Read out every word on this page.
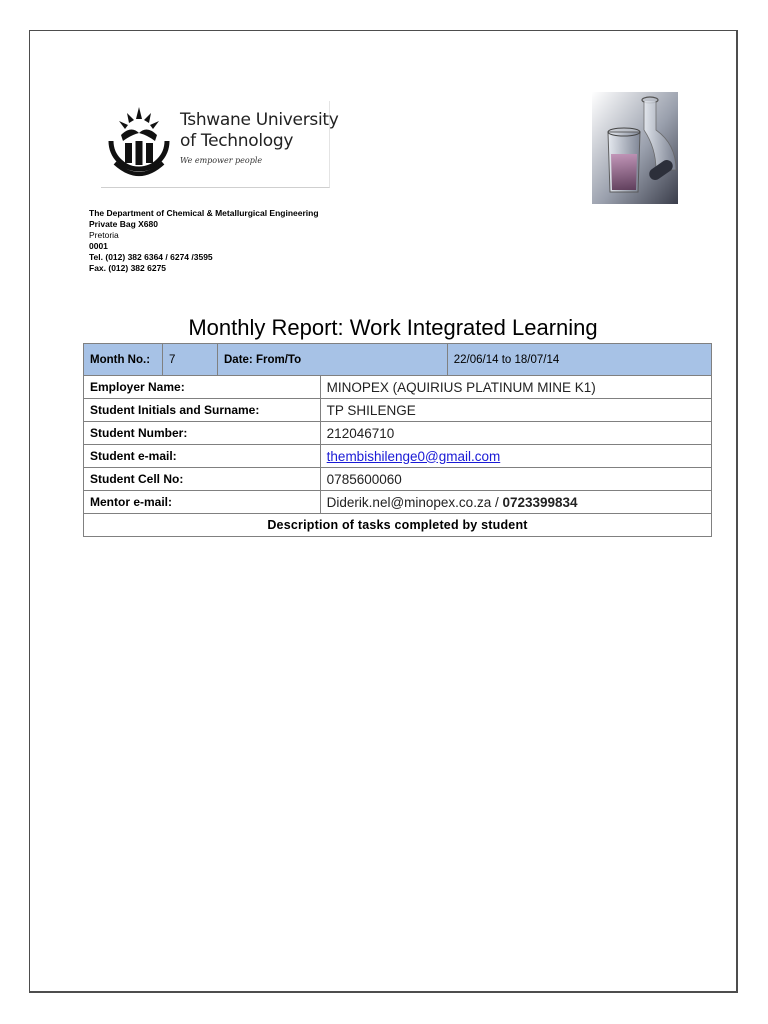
Tshwane University
of Technology
We empower people
The Department of Chemical & Metallurgical Engineering
Private Bag X680
Pretoria
0001
Tel. (012) 382 6364 / 6274 /3595
Fax. (012) 382 6275
Monthly Report: Work Integrated Learning
Month No.:	7	Date: From/To		22/06/14 to 18/07/14
Employer Name:			MINOPEX (AQUIRIUS PLATINUM MINE K1)	
Student Initials and Surname:			TP SHILENGE	
Student Number:			212046710	
Student e-mail:			thembishilenge0@gmail.com	
Student Cell No:			0785600060	
Mentor e-mail:			Diderik.nel@minopex.co.za / 0723399834	
Description of tasks completed by student				
